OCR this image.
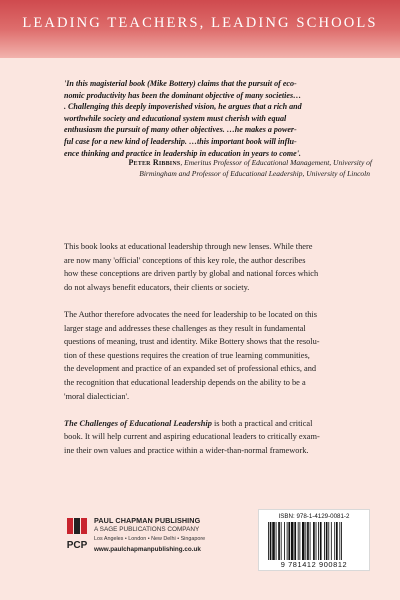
LEADING TEACHERS, LEADING SCHOOLS
'In this magisterial book (Mike Bottery) claims that the pursuit of eco-
nomic productivity has been the dominant objective of many societies…
. Challenging this deeply impoverished vision, he argues that a rich and
worthwhile society and educational system must cherish with equal
enthusiasm the pursuit of many other objectives. …he makes a power-
ful case for a new kind of leadership. …this important book will influ-
ence thinking and practice in leadership in education in years to come'.
Peter Ribbins, Emeritus Professor of Educational Management, University of
Birmingham and Professor of Educational Leadership, University of Lincoln

This book looks at educational leadership through new lenses. While there
are now many 'official' conceptions of this key role, the author describes
how these conceptions are driven partly by global and national forces which
do not always benefit educators, their clients or society.

The Author therefore advocates the need for leadership to be located on this
larger stage and addresses these challenges as they result in fundamental
questions of meaning, trust and identity. Mike Bottery shows that the resolu-
tion of these questions requires the creation of true learning communities,
the development and practice of an expanded set of professional ethics, and
the recognition that educational leadership depends on the ability to be a
'moral dialectician'.

The Challenges of Educational Leadership is both a practical and critical
book. It will help current and aspiring educational leaders to critically exam-
ine their own values and practice within a wider-than-normal framework.

PCP
PAUL CHAPMAN PUBLISHING
A SAGE PUBLICATIONS COMPANY
Los Angeles • London • New Delhi • Singapore
www.paulchapmanpublishing.co.uk
ISBN: 978-1-4129-0081-2
9 781412 900812
